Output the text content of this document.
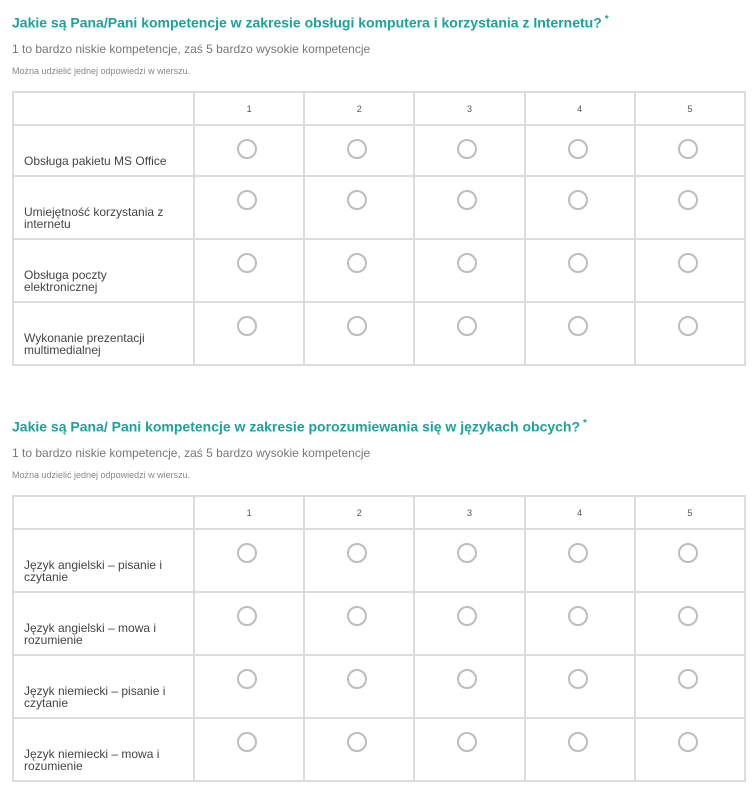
Jakie są Pana/Pani kompetencje w zakresie obsługi komputera i korzystania z Internetu? *

1 to bardzo niskie kompetencje, zaś 5 bardzo wysokie kompetencje
Można udzielić jednej odpowiedzi w wierszu.
	1	2	3	4	5

Obsługa pakietu MS Office					

Umiejętność korzystania z internetu					

Obsługa poczty elektronicznej					

Wykonanie prezentacji multimedialnej					

Jakie są Pana/ Pani kompetencje w zakresie porozumiewania się w językach obcych? *

1 to bardzo niskie kompetencje, zaś 5 bardzo wysokie kompetencje
Można udzielić jednej odpowiedzi w wierszu.
	1	2	3	4	5

Język angielski – pisanie i czytanie					

Język angielski – mowa i rozumienie					

Język niemiecki – pisanie i czytanie					

Język niemiecki – mowa i rozumienie					
